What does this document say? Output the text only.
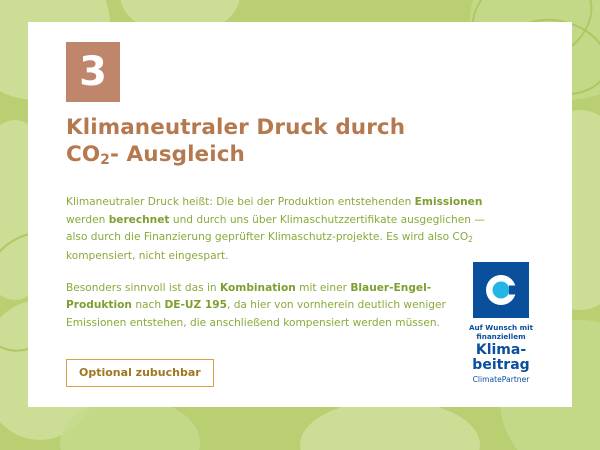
3
Klimaneutraler Druck durch
$CO_2-$ Ausgleich

Klimaneutraler Druck heißt: Die bei der Produktion entstehenden Emissionen werden berechnet und durch uns über Klimaschutzzertifikate ausgeglichen — also durch die Finanzierung geprüfter Klimaschutz-projekte. Es wird also $CO_2$ kompensiert, nicht eingespart.

Besonders sinnvoll ist das in Kombination mit einer Blauer-Engel-Produktion nach DE-UZ 195, da hier von vornherein deutlich weniger Emissionen entstehen, die anschließend kompensiert werden müssen.

Optional zubuchbar
Auf Wunsch mit
finanziellem
Klima-
beitrag
ClimatePartner
